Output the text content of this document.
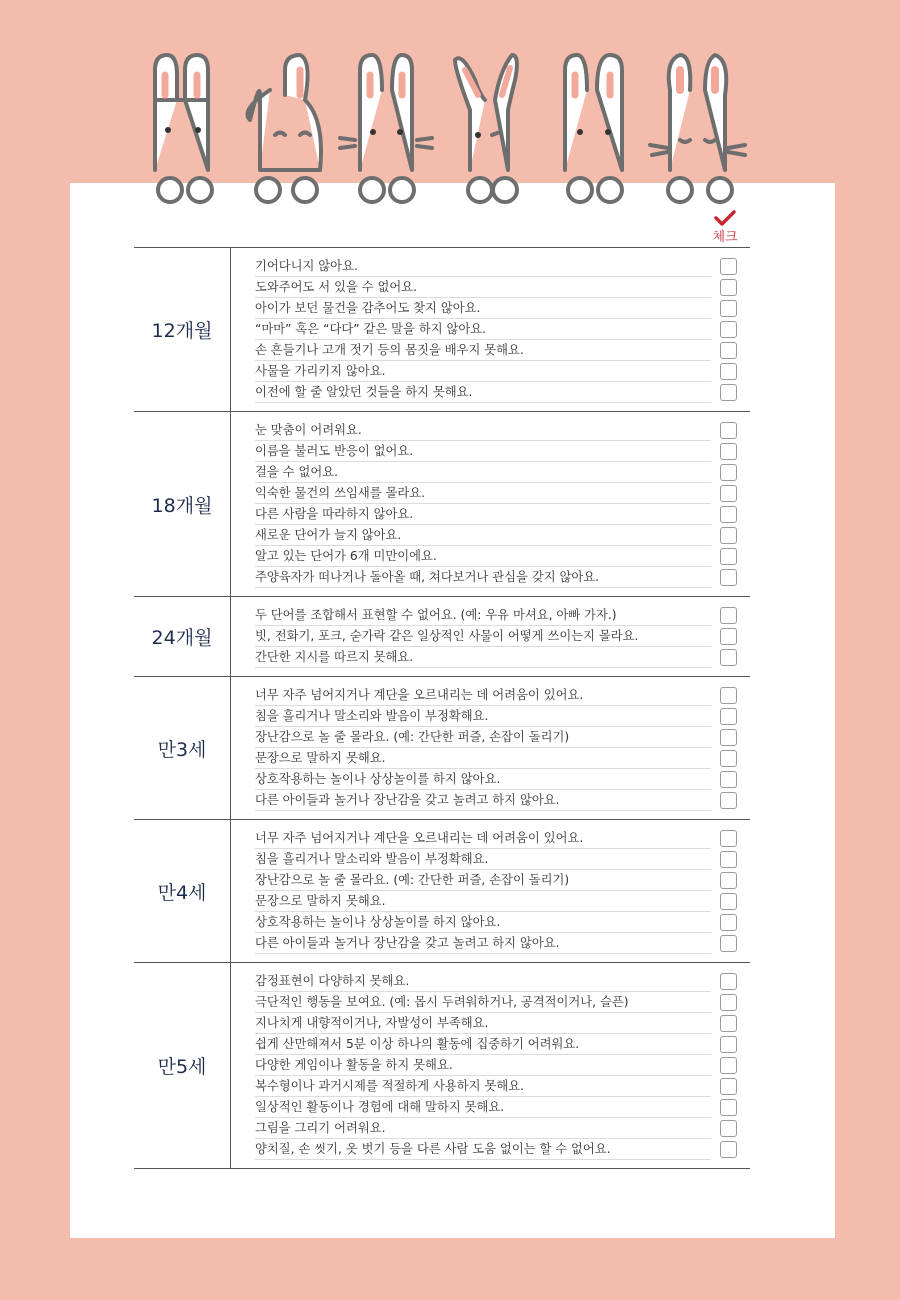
체크
12개월
기어다니지 않아요.
도와주어도 서 있을 수 없어요.
아이가 보던 물건을 감추어도 찾지 않아요.
“마마” 혹은 “다다” 같은 말을 하지 않아요.
손 흔들기나 고개 젓기 등의 몸짓을 배우지 못해요.
사물을 가리키지 않아요.
이전에 할 줄 알았던 것들을 하지 못해요.
18개월
눈 맞춤이 어려워요.
이름을 불러도 반응이 없어요.
걸을 수 없어요.
익숙한 물건의 쓰임새를 몰라요.
다른 사람을 따라하지 않아요.
새로운 단어가 늘지 않아요.
알고 있는 단어가 6개 미만이에요.
주양육자가 떠나거나 돌아올 때, 쳐다보거나 관심을 갖지 않아요.
24개월
두 단어를 조합해서 표현할 수 없어요. (예: 우유 마셔요, 아빠 가자.)
빗, 전화기, 포크, 숟가락 같은 일상적인 사물이 어떻게 쓰이는지 몰라요.
간단한 지시를 따르지 못해요.
만3세
너무 자주 넘어지거나 계단을 오르내리는 데 어려움이 있어요.
침을 흘리거나 말소리와 발음이 부정확해요.
장난감으로 놀 줄 몰라요. (예: 간단한 퍼즐, 손잡이 돌리기)
문장으로 말하지 못해요.
상호작용하는 놀이나 상상놀이를 하지 않아요.
다른 아이들과 놀거나 장난감을 갖고 놀려고 하지 않아요.
만4세
너무 자주 넘어지거나 계단을 오르내리는 데 어려움이 있어요.
침을 흘리거나 말소리와 발음이 부정확해요.
장난감으로 놀 줄 몰라요. (예: 간단한 퍼즐, 손잡이 돌리기)
문장으로 말하지 못해요.
상호작용하는 놀이나 상상놀이를 하지 않아요.
다른 아이들과 놀거나 장난감을 갖고 놀려고 하지 않아요.
만5세
감정표현이 다양하지 못해요.
극단적인 행동을 보여요. (예: 몹시 두려워하거나, 공격적이거나, 슬픈)
지나치게 내향적이거나, 자발성이 부족해요.
쉽게 산만해져서 5분 이상 하나의 활동에 집중하기 어려워요.
다양한 게임이나 활동을 하지 못해요.
복수형이나 과거시제를 적절하게 사용하지 못해요.
일상적인 활동이나 경험에 대해 말하지 못해요.
그림을 그리기 어려워요.
양치질, 손 씻기, 옷 벗기 등을 다른 사람 도움 없이는 할 수 없어요.
